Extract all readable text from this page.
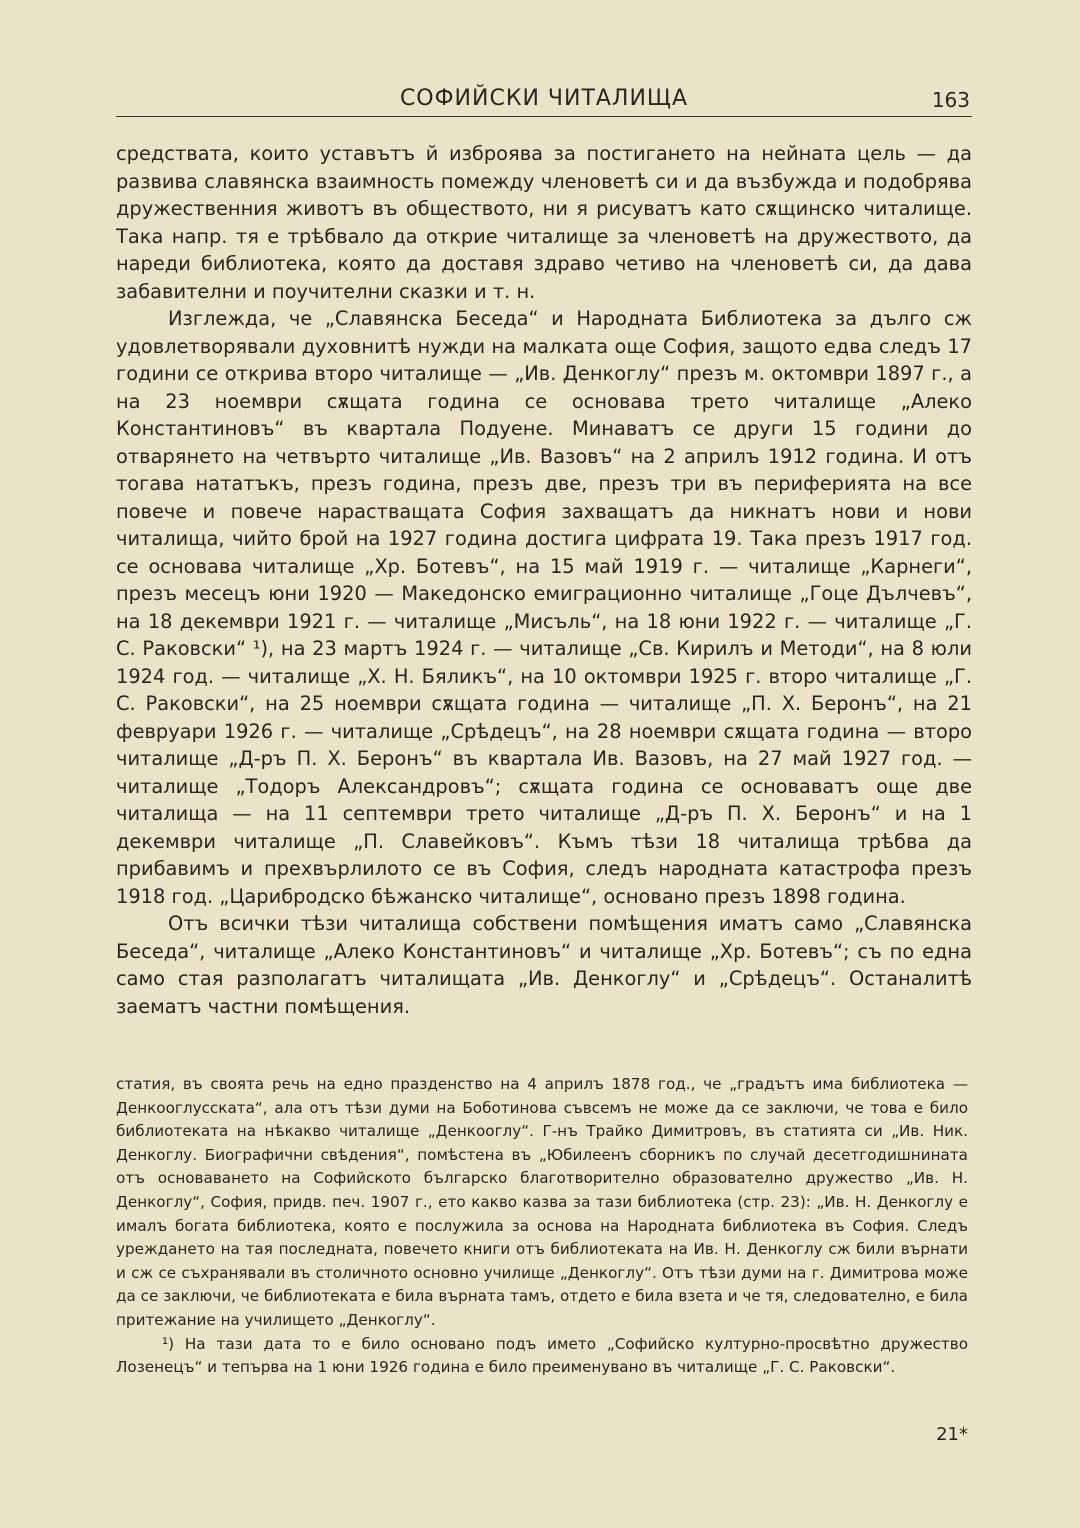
СОФИЙСКИ ЧИТАЛИЩА	163

средствата, които уставътъ й изброява за постигането на нейната цель — да развива славянска взаимность помежду членоветѣ си и да възбужда и подобрява дружественния животъ въ обществото, ни я рисуватъ като сѫщинско читалище. Така напр. тя е трѣбвало да открие читалище за членоветѣ на дружеството, да нареди библиотека, която да доставя здраво четиво на членоветѣ си, да дава забавителни и поучителни сказки и т. н.

Изглежда, че „Славянска Беседа“ и Народната Библиотека за дълго сж удовлетворявали духовнитѣ нужди на малката още София, защото едва следъ 17 години се открива второ читалище — „Ив. Денкоглу“ презъ м. октомври 1897 г., а на 23 ноември сѫщата година се основава трето читалище „Алеко Константиновъ“ въ квартала Подуене. Минаватъ се други 15 години до отварянето на четвърто читалище „Ив. Вазовъ“ на 2 априлъ 1912 година. И отъ тогава нататъкъ, презъ година, презъ две, презъ три въ периферията на все повече и повече нарастващата София захващатъ да никнатъ нови и нови читалища, чийто брой на 1927 година достига цифрата 19. Така презъ 1917 год. се основава читалище „Хр. Ботевъ“, на 15 май 1919 г. — читалище „Карнеги“, презъ месецъ юни 1920 — Македонско емиграционно читалище „Гоце Дълчевъ“, на 18 декември 1921 г. — читалище „Мисъль“, на 18 юни 1922 г. — читалище „Г. С. Раковски“ ¹), на 23 мартъ 1924 г. — читалище „Св. Кирилъ и Методи“, на 8 юли 1924 год. — читалище „Х. Н. Бяликъ“, на 10 октомври 1925 г. второ читалище „Г. С. Раковски“, на 25 ноември сѫщата година — читалище „П. Х. Беронъ“, на 21 февруари 1926 г. — читалище „Срѣдецъ“, на 28 ноември сѫщата година — второ читалище „Д-ръ П. Х. Беронъ“ въ квартала Ив. Вазовъ, на 27 май 1927 год. — читалище „Тодоръ Александровъ“; сѫщата година се основаватъ още две читалища — на 11 септември трето читалище „Д-ръ П. Х. Беронъ“ и на 1 декември читалище „П. Славейковъ“. Къмъ тѣзи 18 читалища трѣбва да прибавимъ и прехвърлилото се въ София, следъ народната катастрофа презъ 1918 год. „Царибродско бѣжанско читалище“, основано презъ 1898 година.

Отъ всички тѣзи читалища собствени помѣщения иматъ само „Славянска Беседа“, читалище „Алеко Константиновъ“ и читалище „Хр. Ботевъ“; съ по една само стая разполагатъ читалищата „Ив. Денкоглу“ и „Срѣдецъ“. Останалитѣ заематъ частни помѣщения.

статия, въ своята речь на едно празденство на 4 априлъ 1878 год., че „градътъ има библиотека — Денкооглусската“, ала отъ тѣзи думи на Боботинова съвсемъ не може да се заключи, че това е било библиотеката на нѣкакво читалище „Денкооглу“. Г-нъ Трайко Димитровъ, въ статията си „Ив. Ник. Денкоглу. Биографични свѣдения“, помѣстена въ „Юбилеенъ сборникъ по случай десетгодишнината отъ основаването на Софийското българско благотворително образователно дружество „Ив. Н. Денкоглу“, София, придв. печ. 1907 г., ето какво казва за тази библиотека (стр. 23): „Ив. Н. Денкоглу е ималъ богата библиотека, която е послужила за основа на Народната библиотека въ София. Следъ уреждането на тая последната, повечето книги отъ библиотеката на Ив. Н. Денкоглу сж били върнати и сж се съхранявали въ столичното основно училище „Денкоглу“. Отъ тѣзи думи на г. Димитрова може да се заключи, че библиотеката е била върната тамъ, отдето е била взета и че тя, следователно, е била притежание на училището „Денкоглу“.

¹) На тази дата то е било основано подъ името „Софийско културно-просвѣтно дружество Лозенецъ“ и тепърва на 1 юни 1926 година е било преименувано въ читалище „Г. С. Раковски“.

21*
